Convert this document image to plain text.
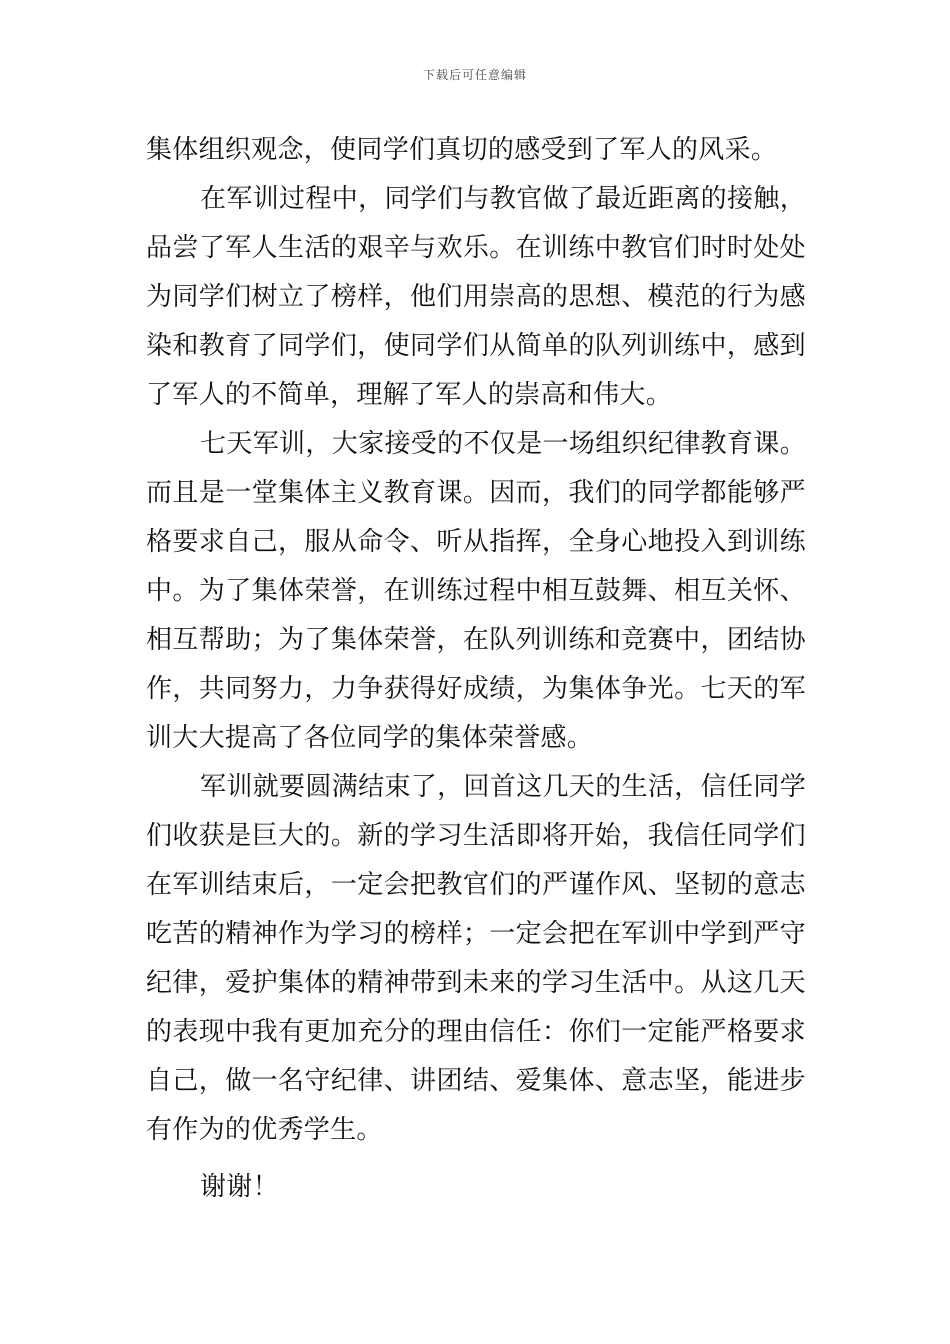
下载后可任意编辑

集体组织观念，使同学们真切的感受到了军人的风采。

在军训过程中，同学们与教官做了最近距离的接触，品尝了军人生活的艰辛与欢乐。在训练中教官们时时处处为同学们树立了榜样，他们用崇高的思想、模范的行为感染和教育了同学们，使同学们从简单的队列训练中，感到了军人的不简单，理解了军人的崇高和伟大。

七天军训，大家接受的不仅是一场组织纪律教育课。而且是一堂集体主义教育课。因而，我们的同学都能够严格要求自己，服从命令、听从指挥，全身心地投入到训练中。为了集体荣誉，在训练过程中相互鼓舞、相互关怀、相互帮助；为了集体荣誉，在队列训练和竞赛中，团结协作，共同努力，力争获得好成绩，为集体争光。七天的军训大大提高了各位同学的集体荣誉感。

军训就要圆满结束了，回首这几天的生活，信任同学们收获是巨大的。新的学习生活即将开始，我信任同学们在军训结束后，一定会把教官们的严谨作风、坚韧的意志吃苦的精神作为学习的榜样；一定会把在军训中学到严守纪律，爱护集体的精神带到未来的学习生活中。从这几天的表现中我有更加充分的理由信任：你们一定能严格要求自己，做一名守纪律、讲团结、爱集体、意志坚，能进步有作为的优秀学生。

谢谢！
